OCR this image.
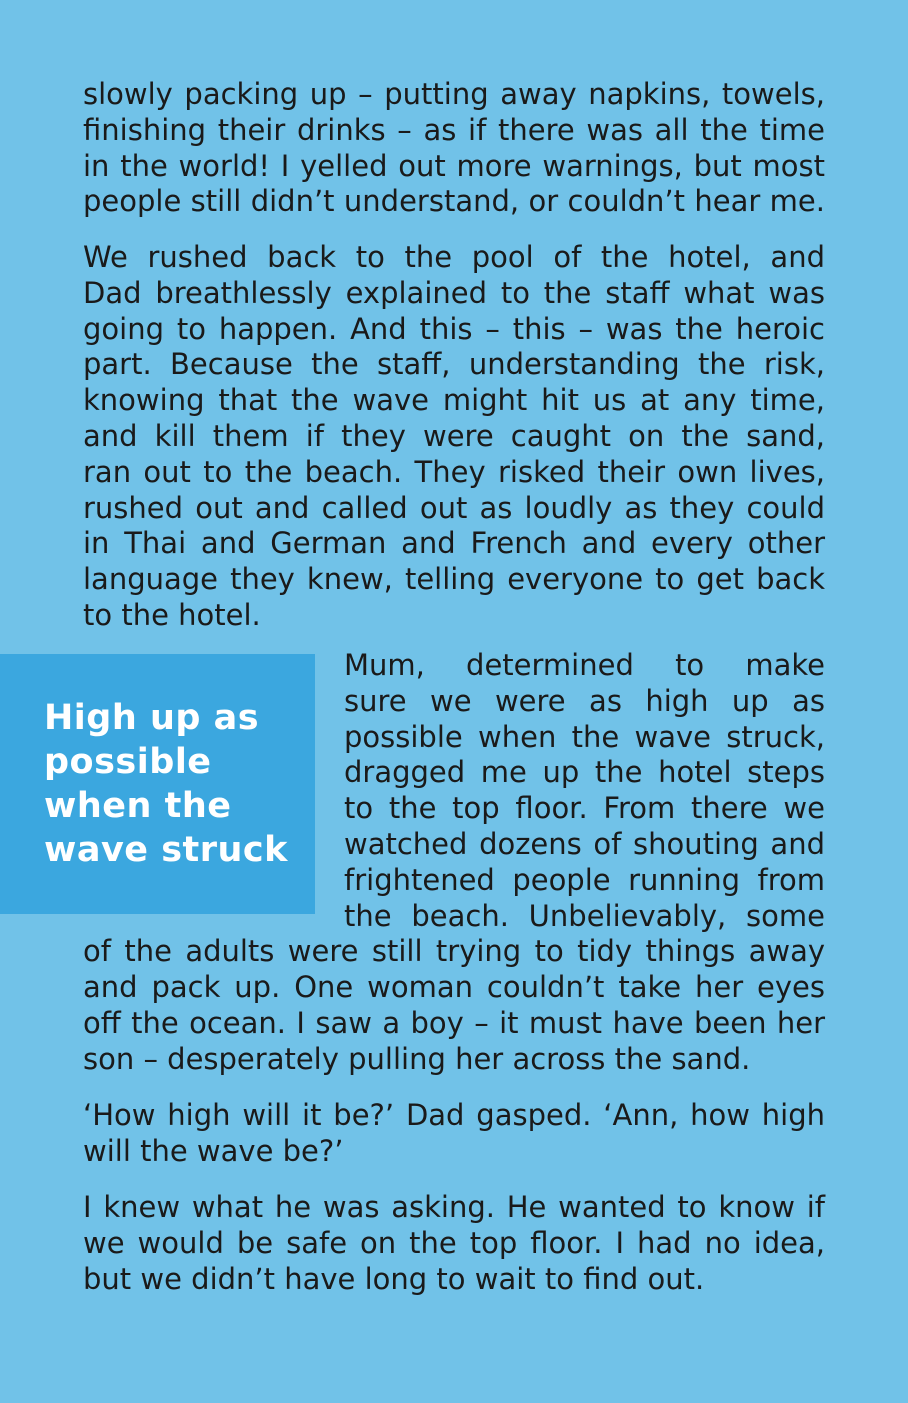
slowly packing up – putting away napkins, towels,
finishing their drinks – as if there was all the time
in the world! I yelled out more warnings, but most
people still didn’t understand, or couldn’t hear me.
We rushed back to the pool of the hotel, and
Dad breathlessly explained to the staff what was
going to happen. And this – this – was the heroic
part. Because the staff, understanding the risk,
knowing that the wave might hit us at any time,
and kill them if they were caught on the sand,
ran out to the beach. They risked their own lives,
rushed out and called out as loudly as they could
in Thai and German and French and every other
language they knew, telling everyone to get back
to the hotel.
High up as
possible
when the
wave struck
Mum, determined to make
sure we were as high up as
possible when the wave struck,
dragged me up the hotel steps
to the top floor. From there we
watched dozens of shouting and
frightened people running from
the beach. Unbelievably, some
of the adults were still trying to tidy things away
and pack up. One woman couldn’t take her eyes
off the ocean. I saw a boy – it must have been her
son – desperately pulling her across the sand.
‘How high will it be?’ Dad gasped. ‘Ann, how high
will the wave be?’
I knew what he was asking. He wanted to know if
we would be safe on the top floor. I had no idea,
but we didn’t have long to wait to find out.
